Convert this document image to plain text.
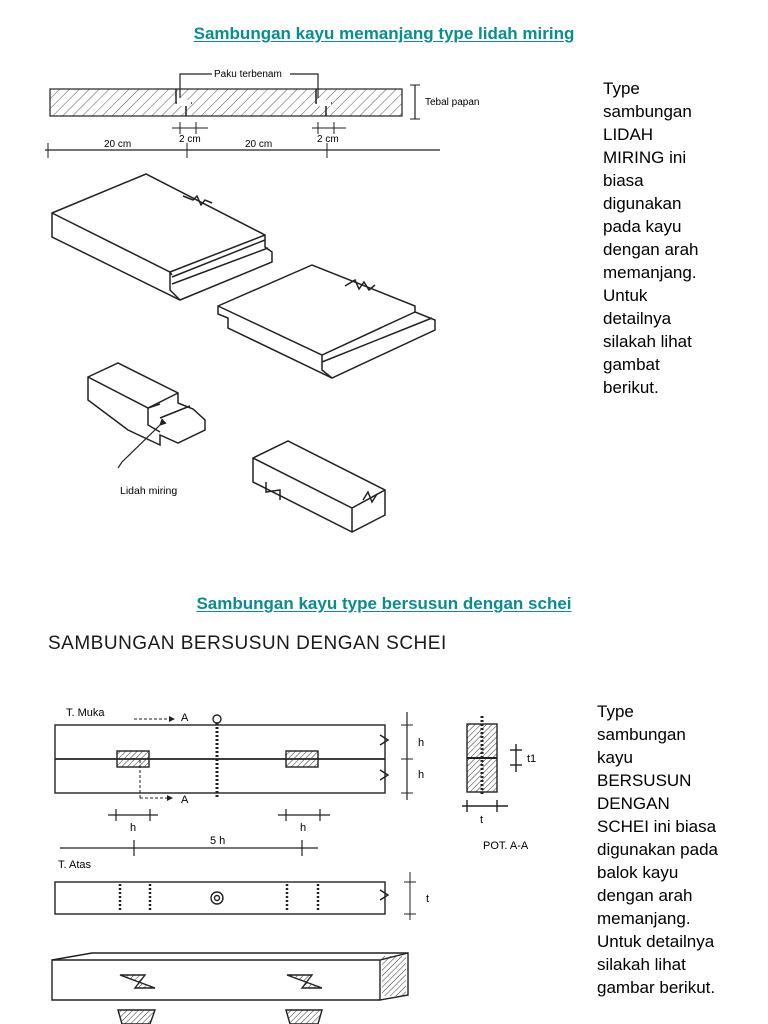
Sambungan kayu memanjang type lidah miring
Paku terbenam
Tebal papan
2 cm	2 cm
20 cm	20 cm
Lidah miring
Type
sambungan
LIDAH
MIRING ini
biasa
digunakan
pada kayu
dengan arah
memanjang.
Untuk
detailnya
silakah lihat
gambat
berikut.
Sambungan kayu type bersusun dengan schei
SAMBUNGAN BERSUSUN DENGAN SCHEI
T. Muka	A
A
h
h
t1
t
POT. A-A
h	h
5 h
T. Atas
t
Type
sambungan
kayu
BERSUSUN
DENGAN
SCHEI ini biasa
digunakan pada
balok kayu
dengan arah
memanjang.
Untuk detailnya
silakah lihat
gambar berikut.
